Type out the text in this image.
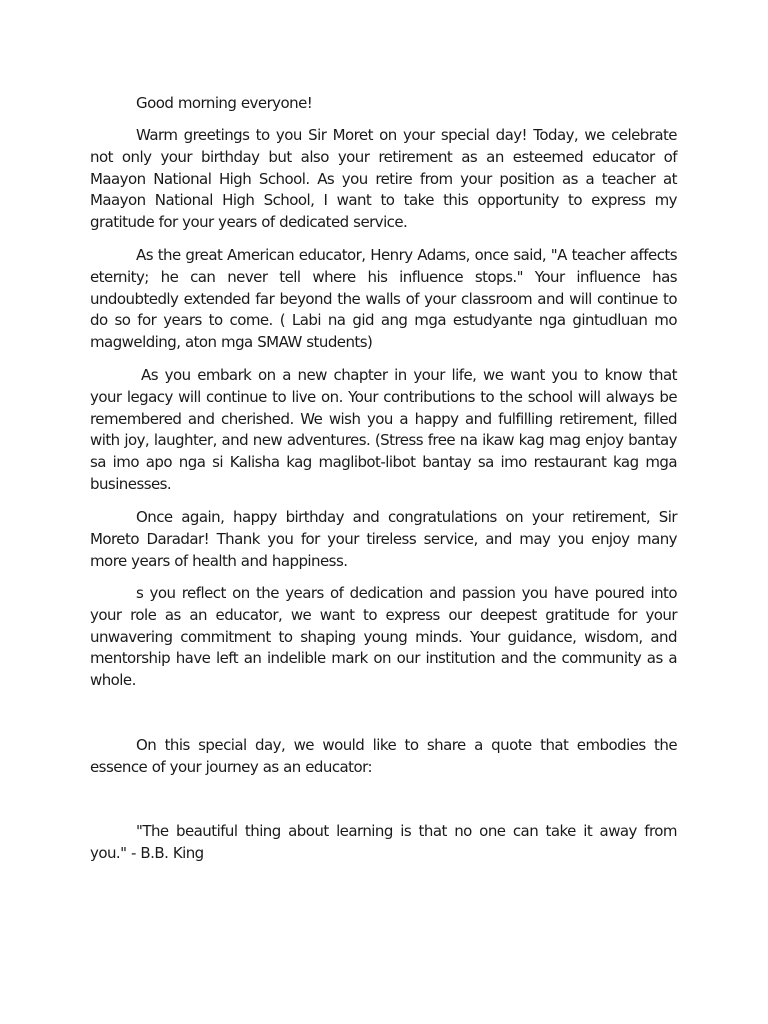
Good morning everyone!

Warm greetings to you Sir Moret on your special day! Today, we celebrate not only your birthday but also your retirement as an esteemed educator of Maayon National High School. As you retire from your position as a teacher at Maayon National High School, I want to take this opportunity to express my gratitude for your years of dedicated service.

As the great American educator, Henry Adams, once said, "A teacher affects eternity; he can never tell where his influence stops." Your influence has undoubtedly extended far beyond the walls of your classroom and will continue to do so for years to come. ( Labi na gid ang mga estudyante nga gintudluan mo magwelding, aton mga SMAW students)

As you embark on a new chapter in your life, we want you to know that your legacy will continue to live on. Your contributions to the school will always be remembered and cherished. We wish you a happy and fulfilling retirement, filled with joy, laughter, and new adventures. (Stress free na ikaw kag mag enjoy bantay sa imo apo nga si Kalisha kag maglibot-libot bantay sa imo restaurant kag mga businesses.

Once again, happy birthday and congratulations on your retirement, Sir Moreto Daradar! Thank you for your tireless service, and may you enjoy many more years of health and happiness.

s you reflect on the years of dedication and passion you have poured into your role as an educator, we want to express our deepest gratitude for your unwavering commitment to shaping young minds. Your guidance, wisdom, and mentorship have left an indelible mark on our institution and the community as a whole.

On this special day, we would like to share a quote that embodies the essence of your journey as an educator:

"The beautiful thing about learning is that no one can take it away from you." - B.B. King
